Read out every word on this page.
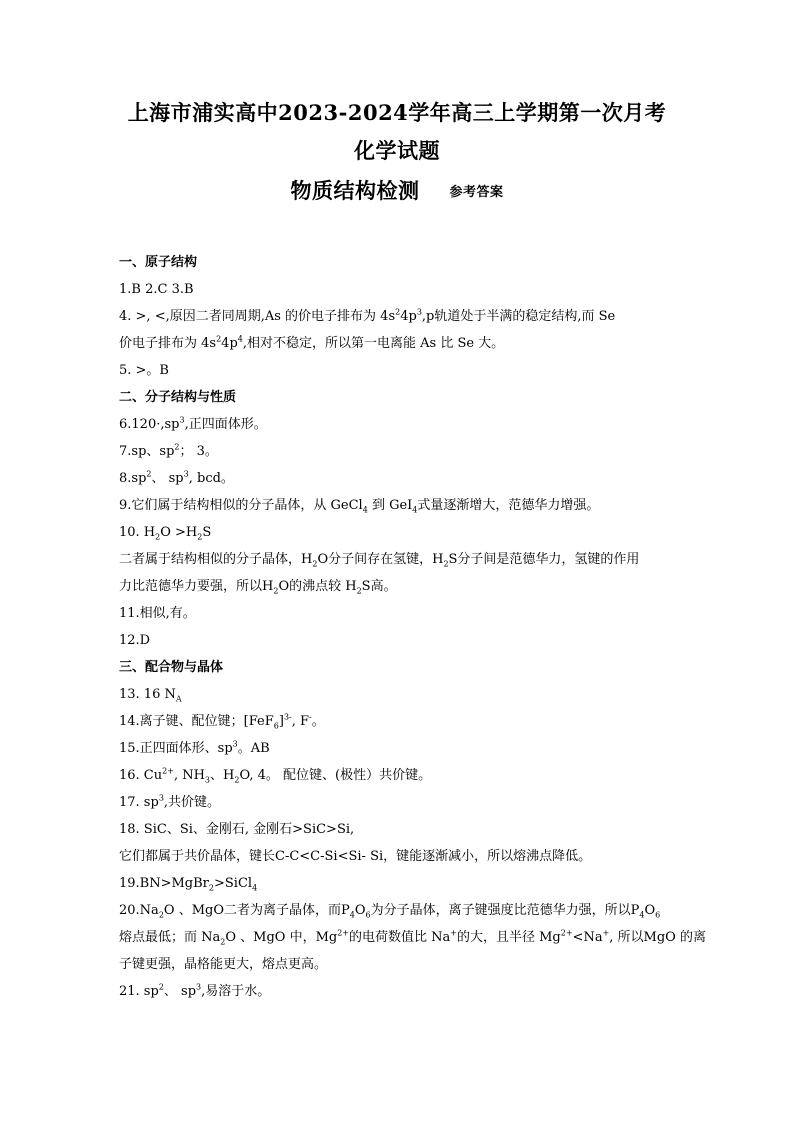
上海市浦实高中2023-2024学年高三上学期第一次月考
化学试题
物质结构检测 参考答案
一、原子结构
1.B 2.C 3.B
4. >, <,原因二者同周期,As 的价电子排布为 $4s^24p^3,p$轨道处于半满的稳定结构,而 Se
价电子排布为 $4s^24p^4$,相对不稳定，所以第一电离能 As 比 Se 大。
5. >。B
二、分子结构与性质
$6.120\cdot,sp^3$,正四面体形。
7.sp、$sp^2$； 3。
$8.sp^2$、 $sp^3$, bcd。
9.它们属于结构相似的分子晶体，从 GeCl$_4$ 到 GeI$_4$式量逐渐增大，范德华力增强。
10. $H_2O >H_2S$
二者属于结构相似的分子晶体，$H_2O$分子间存在氢键，$H_2S$分子间是范德华力，氢键的作用
力比范德华力要强，所以$H_2O$的沸点较 $H_2S$高。
11.相似,有。
12.D
三、配合物与晶体
13. 16 $N_A$
14.离子键、配位键；$[FeF_6]^{3-}$, F-。
15.正四面体形、$sp^3$。AB
16. $Cu^{2+}$, $NH_3$、$H_2O$, 4。 配位键、(极性）共价键。
17. $sp^3$,共价键。
18. SiC、Si、金刚石, 金刚石>SiC>Si,
它们都属于共价晶体，键长C-C<C-Si<Si- Si，键能逐渐减小，所以熔沸点降低。
19.BN>MgBr$_2$>SiCl$_4$
$20.Na_2O$ 、MgO二者为离子晶体，而$P_4O_6$为分子晶体，离子键强度比范德华力强，所以$P_4O_6$
熔点最低；而 $Na_2O$ 、MgO 中，$Mg^{2+}$的电荷数值比 Na+的大，且半径 $Mg^{2+}<Na^+$, 所以MgO 的离
子键更强，晶格能更大，熔点更高。
21. $sp^2$、 $sp^3$,易溶于水。
